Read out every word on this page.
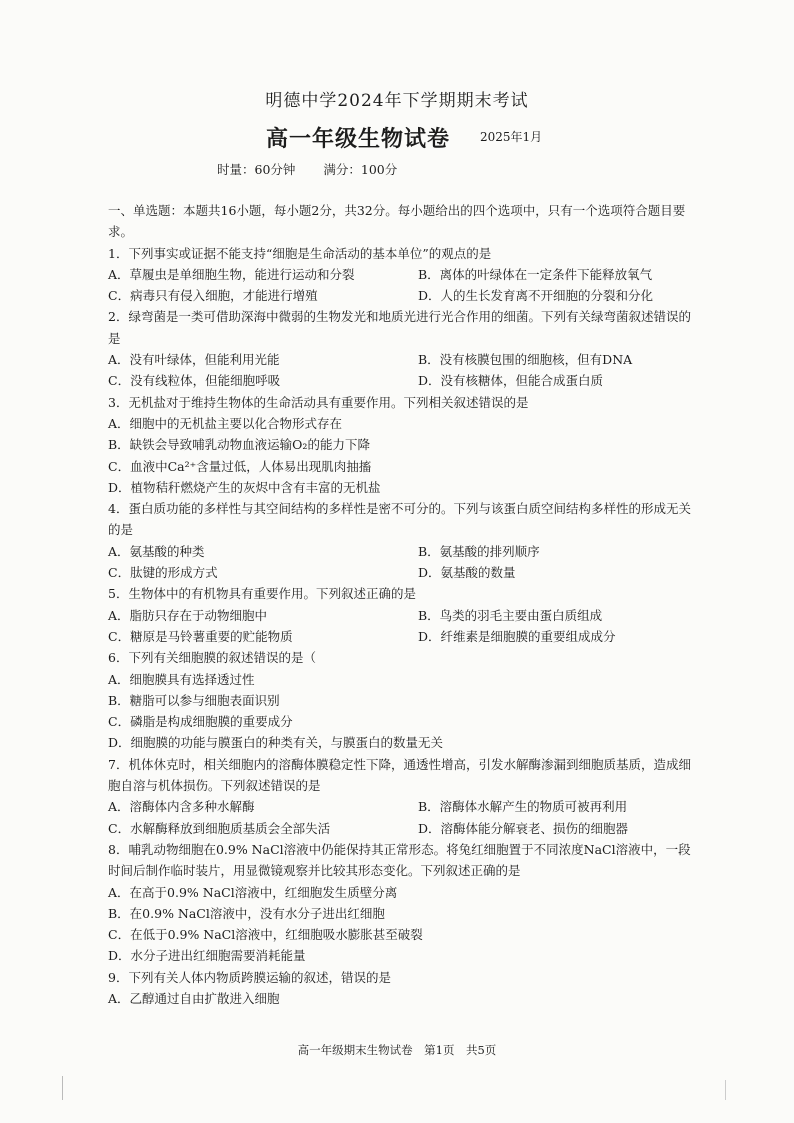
明德中学2024年下学期期末考试
高一年级生物试卷 2025年1月
时量：60分钟 满分：100分

一、单选题：本题共16小题，每小题2分，共32分。每小题给出的四个选项中，只有一个选项符合题目要求。

1．下列事实或证据不能支持“细胞是生命活动的基本单位”的观点的是

A．草履虫是单细胞生物，能进行运动和分裂	B．离体的叶绿体在一定条件下能释放氧气
C．病毒只有侵入细胞，才能进行增殖	D．人的生长发育离不开细胞的分裂和分化

2．绿弯菌是一类可借助深海中微弱的生物发光和地质光进行光合作用的细菌。下列有关绿弯菌叙述错误的是

A．没有叶绿体，但能利用光能	B．没有核膜包围的细胞核，但有DNA
C．没有线粒体，但能细胞呼吸	D．没有核糖体，但能合成蛋白质

3．无机盐对于维持生物体的生命活动具有重要作用。下列相关叙述错误的是

A．细胞中的无机盐主要以化合物形式存在

B．缺铁会导致哺乳动物血液运输O₂的能力下降

C．血液中Ca²⁺含量过低，人体易出现肌肉抽搐

D．植物秸秆燃烧产生的灰烬中含有丰富的无机盐

4．蛋白质功能的多样性与其空间结构的多样性是密不可分的。下列与该蛋白质空间结构多样性的形成无关的是

A．氨基酸的种类	B．氨基酸的排列顺序
C．肽键的形成方式	D．氨基酸的数量

5．生物体中的有机物具有重要作用。下列叙述正确的是

A．脂肪只存在于动物细胞中	B．鸟类的羽毛主要由蛋白质组成
C．糖原是马铃薯重要的贮能物质	D．纤维素是细胞膜的重要组成成分

6．下列有关细胞膜的叙述错误的是（

A．细胞膜具有选择透过性

B．糖脂可以参与细胞表面识别

C．磷脂是构成细胞膜的重要成分

D．细胞膜的功能与膜蛋白的种类有关，与膜蛋白的数量无关

7．机体休克时，相关细胞内的溶酶体膜稳定性下降，通透性增高，引发水解酶渗漏到细胞质基质，造成细胞自溶与机体损伤。下列叙述错误的是

A．溶酶体内含多种水解酶	B．溶酶体水解产生的物质可被再利用
C．水解酶释放到细胞质基质会全部失活	D．溶酶体能分解衰老、损伤的细胞器

8．哺乳动物细胞在0.9% NaCl溶液中仍能保持其正常形态。将兔红细胞置于不同浓度NaCl溶液中，一段时间后制作临时装片，用显微镜观察并比较其形态变化。下列叙述正确的是

A．在高于0.9% NaCl溶液中，红细胞发生质壁分离

B．在0.9% NaCl溶液中，没有水分子进出红细胞

C．在低于0.9% NaCl溶液中，红细胞吸水膨胀甚至破裂

D．水分子进出红细胞需要消耗能量

9．下列有关人体内物质跨膜运输的叙述，错误的是

A．乙醇通过自由扩散进入细胞

高一年级期末生物试卷　第1页　共5页
